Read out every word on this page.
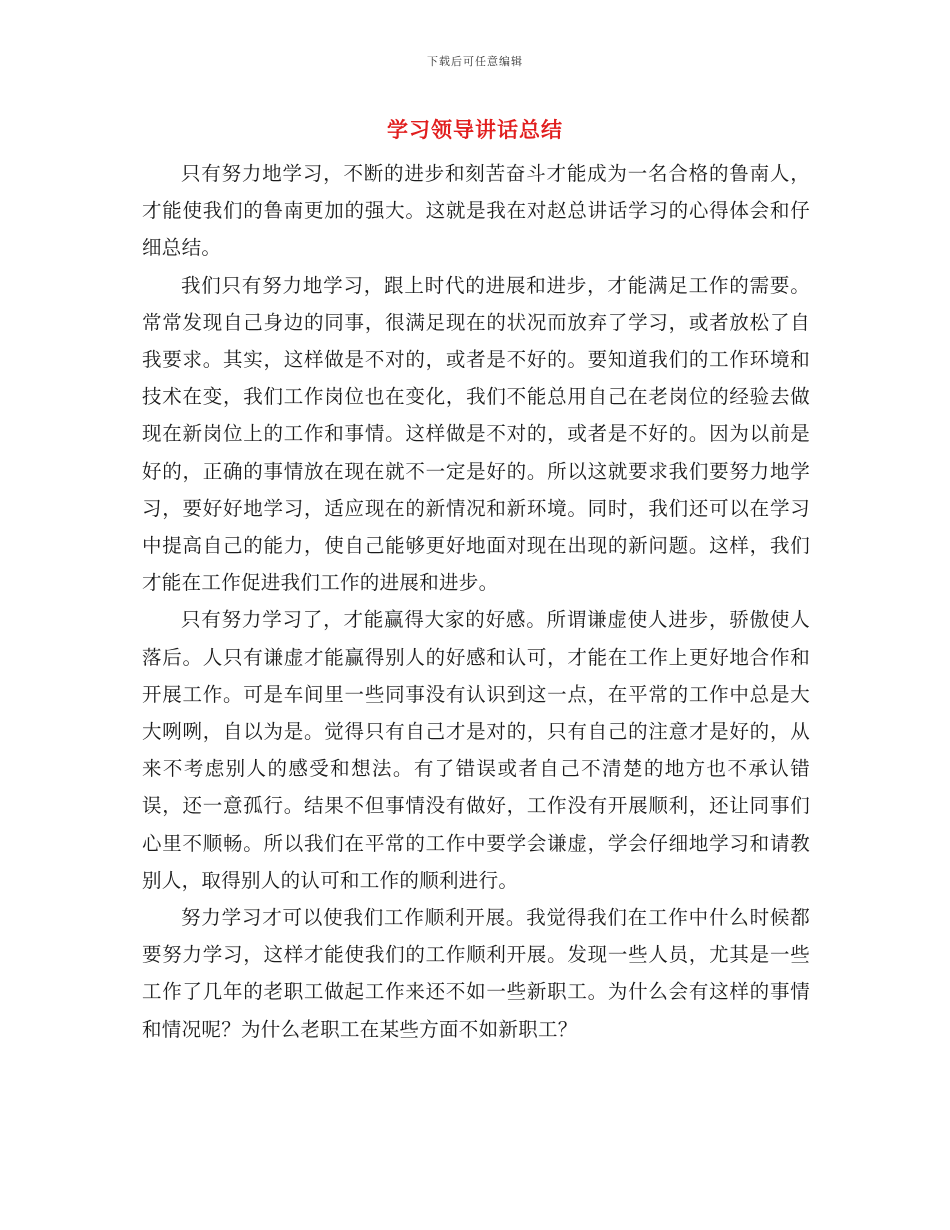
下载后可任意编辑
学习领导讲话总结

只有努力地学习，不断的进步和刻苦奋斗才能成为一名合格的鲁南人，才能使我们的鲁南更加的强大。这就是我在对赵总讲话学习的心得体会和仔细总结。

我们只有努力地学习，跟上时代的进展和进步，才能满足工作的需要。常常发现自己身边的同事，很满足现在的状况而放弃了学习，或者放松了自我要求。其实，这样做是不对的，或者是不好的。要知道我们的工作环境和技术在变，我们工作岗位也在变化，我们不能总用自己在老岗位的经验去做现在新岗位上的工作和事情。这样做是不对的，或者是不好的。因为以前是好的，正确的事情放在现在就不一定是好的。所以这就要求我们要努力地学习，要好好地学习，适应现在的新情况和新环境。同时，我们还可以在学习中提高自己的能力，使自己能够更好地面对现在出现的新问题。这样，我们才能在工作促进我们工作的进展和进步。

只有努力学习了，才能赢得大家的好感。所谓谦虚使人进步，骄傲使人落后。人只有谦虚才能赢得别人的好感和认可，才能在工作上更好地合作和开展工作。可是车间里一些同事没有认识到这一点，在平常的工作中总是大大咧咧，自以为是。觉得只有自己才是对的，只有自己的注意才是好的，从来不考虑别人的感受和想法。有了错误或者自己不清楚的地方也不承认错误，还一意孤行。结果不但事情没有做好，工作没有开展顺利，还让同事们心里不顺畅。所以我们在平常的工作中要学会谦虚，学会仔细地学习和请教别人，取得别人的认可和工作的顺利进行。

努力学习才可以使我们工作顺利开展。我觉得我们在工作中什么时候都要努力学习，这样才能使我们的工作顺利开展。发现一些人员，尤其是一些工作了几年的老职工做起工作来还不如一些新职工。为什么会有这样的事情和情况呢？为什么老职工在某些方面不如新职工？
